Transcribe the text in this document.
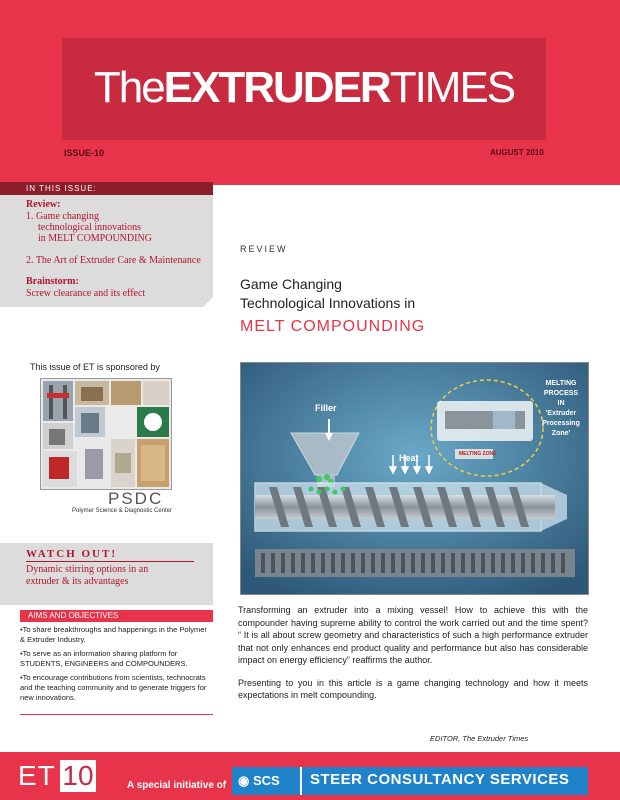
TheEXTRUDERTIMES
ISSUE-10	AUGUST 2010
IN THIS ISSUE:
Review:
1. Game changing
technological innovations
in MELT COMPOUNDING
2. The Art of Extruder Care & Maintenance
Brainstorm:
Screw clearance and its effect
This issue of ET is sponsored by
PSDC
Polymer Science & Diagnostic Center
WATCH OUT!
Dynamic stirring options in an
extruder & its advantages
AIMS AND OBJECTIVES
•To share breakthroughs and happenings in the Polymer & Extruder Industry.
•To serve as an information sharing platform for STUDENTS, ENGINEERS and COMPOUNDERS.
•To encourage contributions from scientists, technocrats and the teaching community and to generate triggers for new innovations.
REVIEW
Game Changing
Technological Innovations in
MELT COMPOUNDING
Filler
Heat	MELTING ZONE
MELTING
PROCESS
IN
'Extruder
Processing
Zone'

Transforming an extruder into a mixing vessel! How to achieve this with the compounder having supreme ability to control the work carried out and the time spent? “ It is all about screw geometry and characteristics of such a high performance extruder that not only enhances end product quality and performance but also has considerable impact on energy efficiency” reaffirms the author.

Presenting to you in this article is a game changing technology and how it meets expectations in melt compounding.

EDITOR, The Extruder Times
ET 10	A special initiative of ◉ SCS STEER CONSULTANCY SERVICES
